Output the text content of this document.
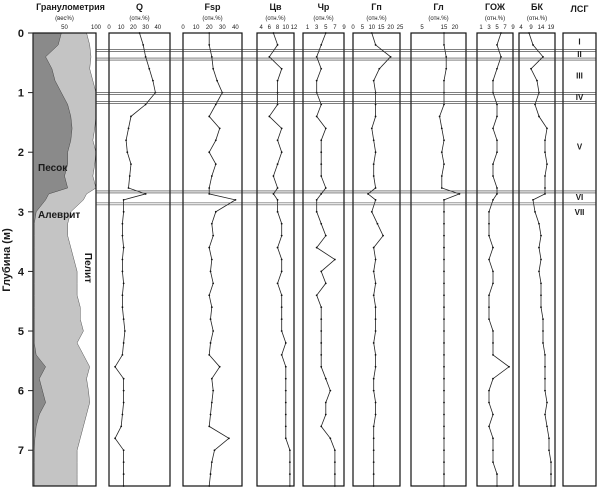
0
1
2
3
4
5
6
7
Глубина (м)
Гранулометрия
(вес%)
50	100
Песок
Алеврит
Пелит
Q
(отн.%)
0 10 20 30 40
Fsp
(отн.%)
0 10 20 30 40
Цв
(отн.%)
4 6 8 10 12
Чр
(отн.%)
1 3 5 7 9
Гп
(отн.%)
0 5 10 15 20 25
Гл
(отн.%)
5	15 20
ГОЖ
(отн.%)
1 3 5 7 9
БК
(отн.%)
4 9 14 19
ЛСГ
I
II
III
IV
V
VI
VII
